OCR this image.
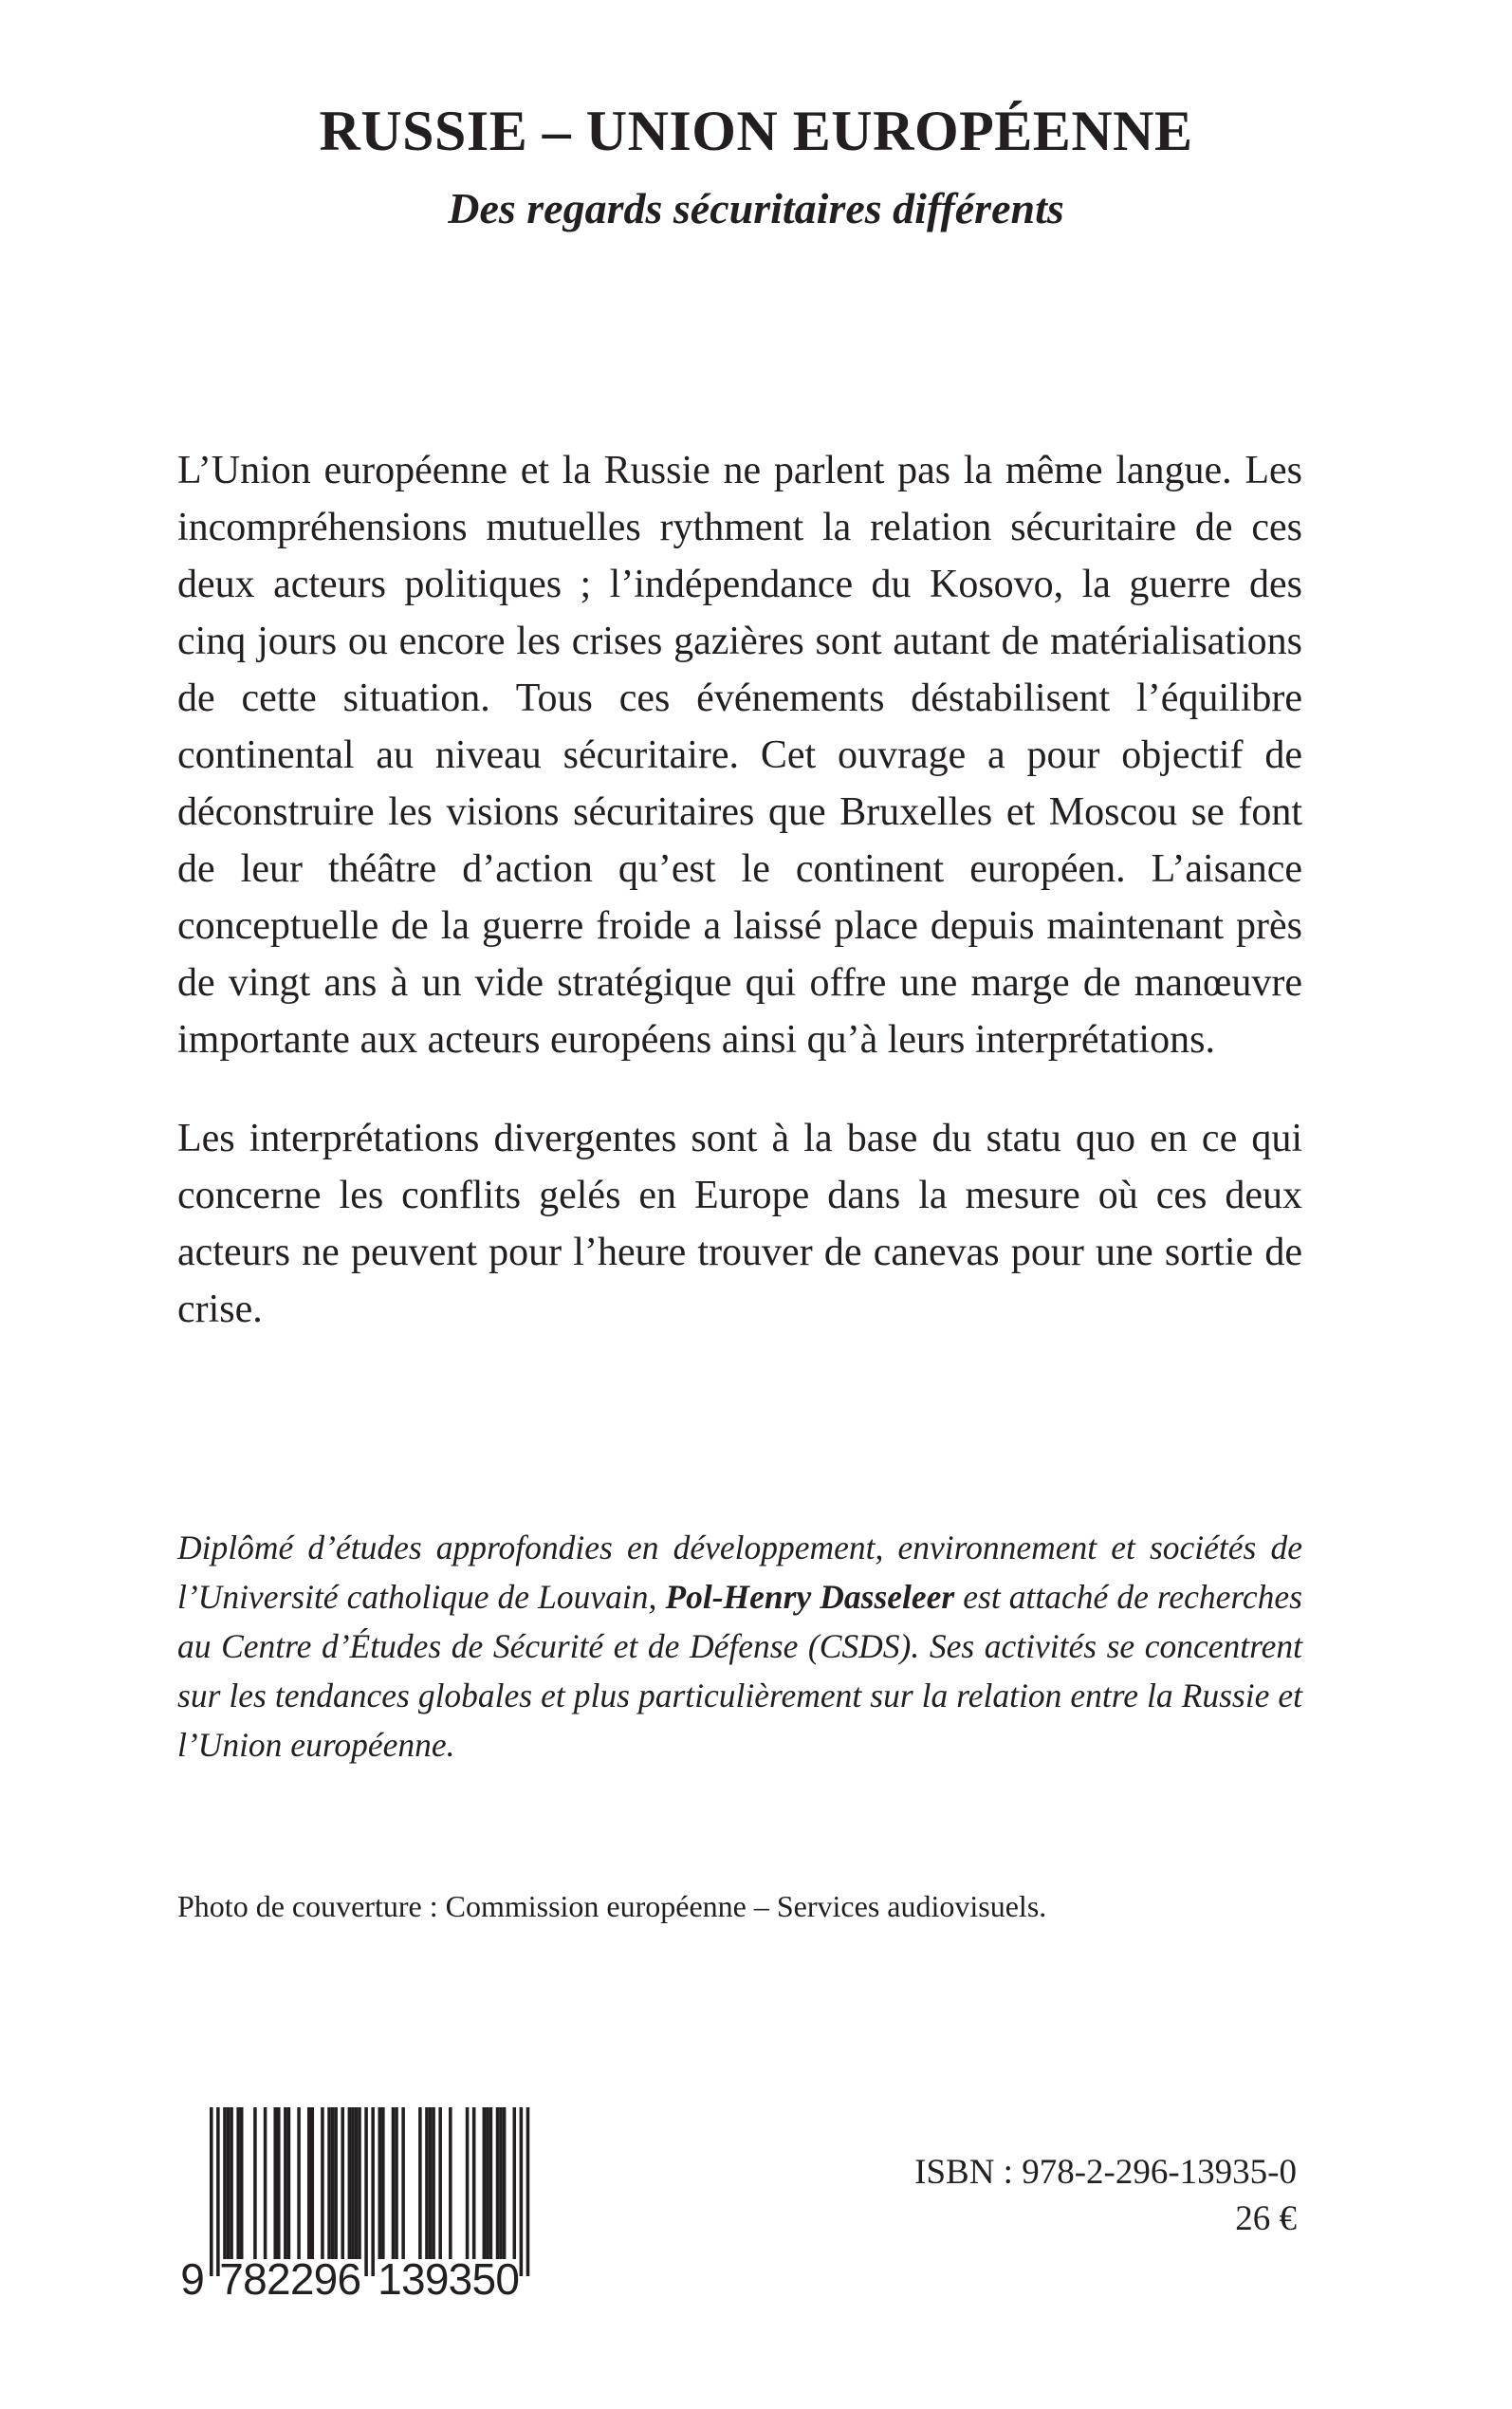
RUSSIE – UNION EUROPÉENNE
Des regards sécuritaires différents

L’Union européenne et la Russie ne parlent pas la même langue. Les incompréhensions mutuelles rythment la relation sécuritaire de ces deux acteurs politiques ; l’indépendance du Kosovo, la guerre des cinq jours ou encore les crises gazières sont autant de matérialisations de cette situation. Tous ces événements déstabilisent l’équilibre continental au niveau sécuritaire. Cet ouvrage a pour objectif de déconstruire les visions sécuritaires que Bruxelles et Moscou se font de leur théâtre d’action qu’est le continent européen. L’aisance conceptuelle de la guerre froide a laissé place depuis maintenant près de vingt ans à un vide stratégique qui offre une marge de manœuvre importante aux acteurs européens ainsi qu’à leurs interprétations.

Les interprétations divergentes sont à la base du statu quo en ce qui concerne les conflits gelés en Europe dans la mesure où ces deux acteurs ne peuvent pour l’heure trouver de canevas pour une sortie de crise.

Diplômé d’études approfondies en développement, environnement et sociétés de l’Université catholique de Louvain, Pol-Henry Dasseleer est attaché de recherches au Centre d’Études de Sécurité et de Défense (CSDS). Ses activités se concentrent sur les tendances globales et plus particulièrement sur la relation entre la Russie et l’Union européenne.

Photo de couverture : Commission européenne – Services audiovisuels.

9 7 8 2 2 9 6 1 3 9 3 5 0

ISBN : 978-2-296-13935-0

26 €
